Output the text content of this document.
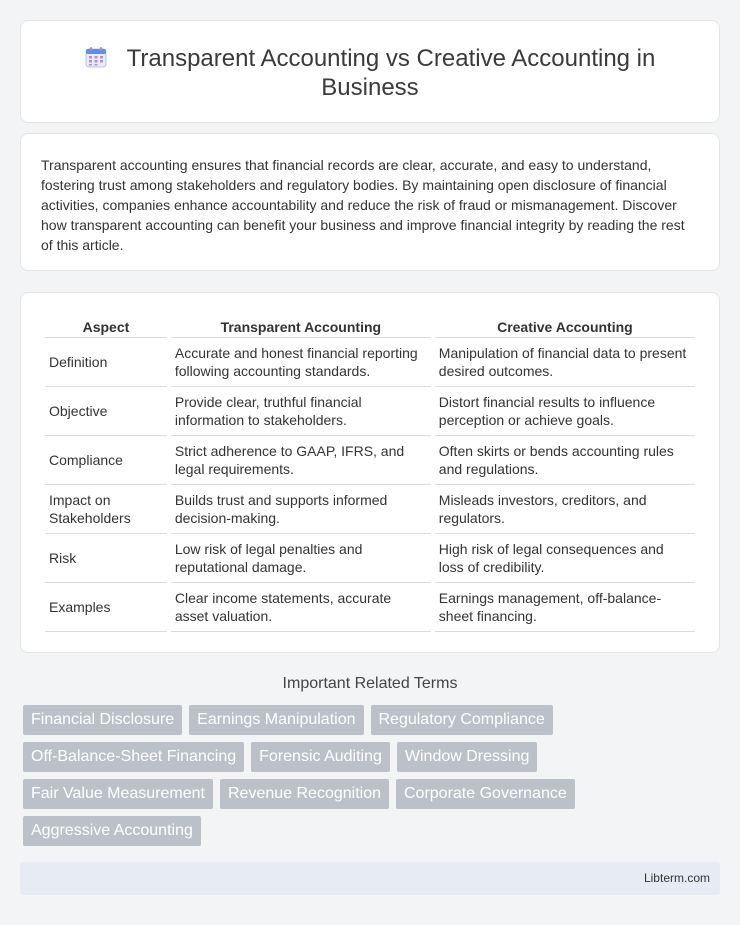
Transparent Accounting vs Creative Accounting in Business

Transparent accounting ensures that financial records are clear, accurate, and easy to understand, fostering trust among stakeholders and regulatory bodies. By maintaining open disclosure of financial activities, companies enhance accountability and reduce the risk of fraud or mismanagement. Discover how transparent accounting can benefit your business and improve financial integrity by reading the rest of this article.

Aspect	Transparent Accounting	Creative Accounting
Definition	Accurate and honest financial reporting following accounting standards.	Manipulation of financial data to present desired outcomes.
Objective	Provide clear, truthful financial information to stakeholders.	Distort financial results to influence perception or achieve goals.
Compliance	Strict adherence to GAAP, IFRS, and legal requirements.	Often skirts or bends accounting rules and regulations.
Impact on Stakeholders	Builds trust and supports informed decision-making.	Misleads investors, creditors, and regulators.
Risk	Low risk of legal penalties and reputational damage.	High risk of legal consequences and loss of credibility.
Examples	Clear income statements, accurate asset valuation.	Earnings management, off-balance-sheet financing.
Important Related Terms
Financial Disclosure	Earnings Manipulation	Regulatory Compliance
Off-Balance-Sheet Financing	Forensic Auditing	Window Dressing
Fair Value Measurement	Revenue Recognition	Corporate Governance
Aggressive Accounting
Libterm.com
